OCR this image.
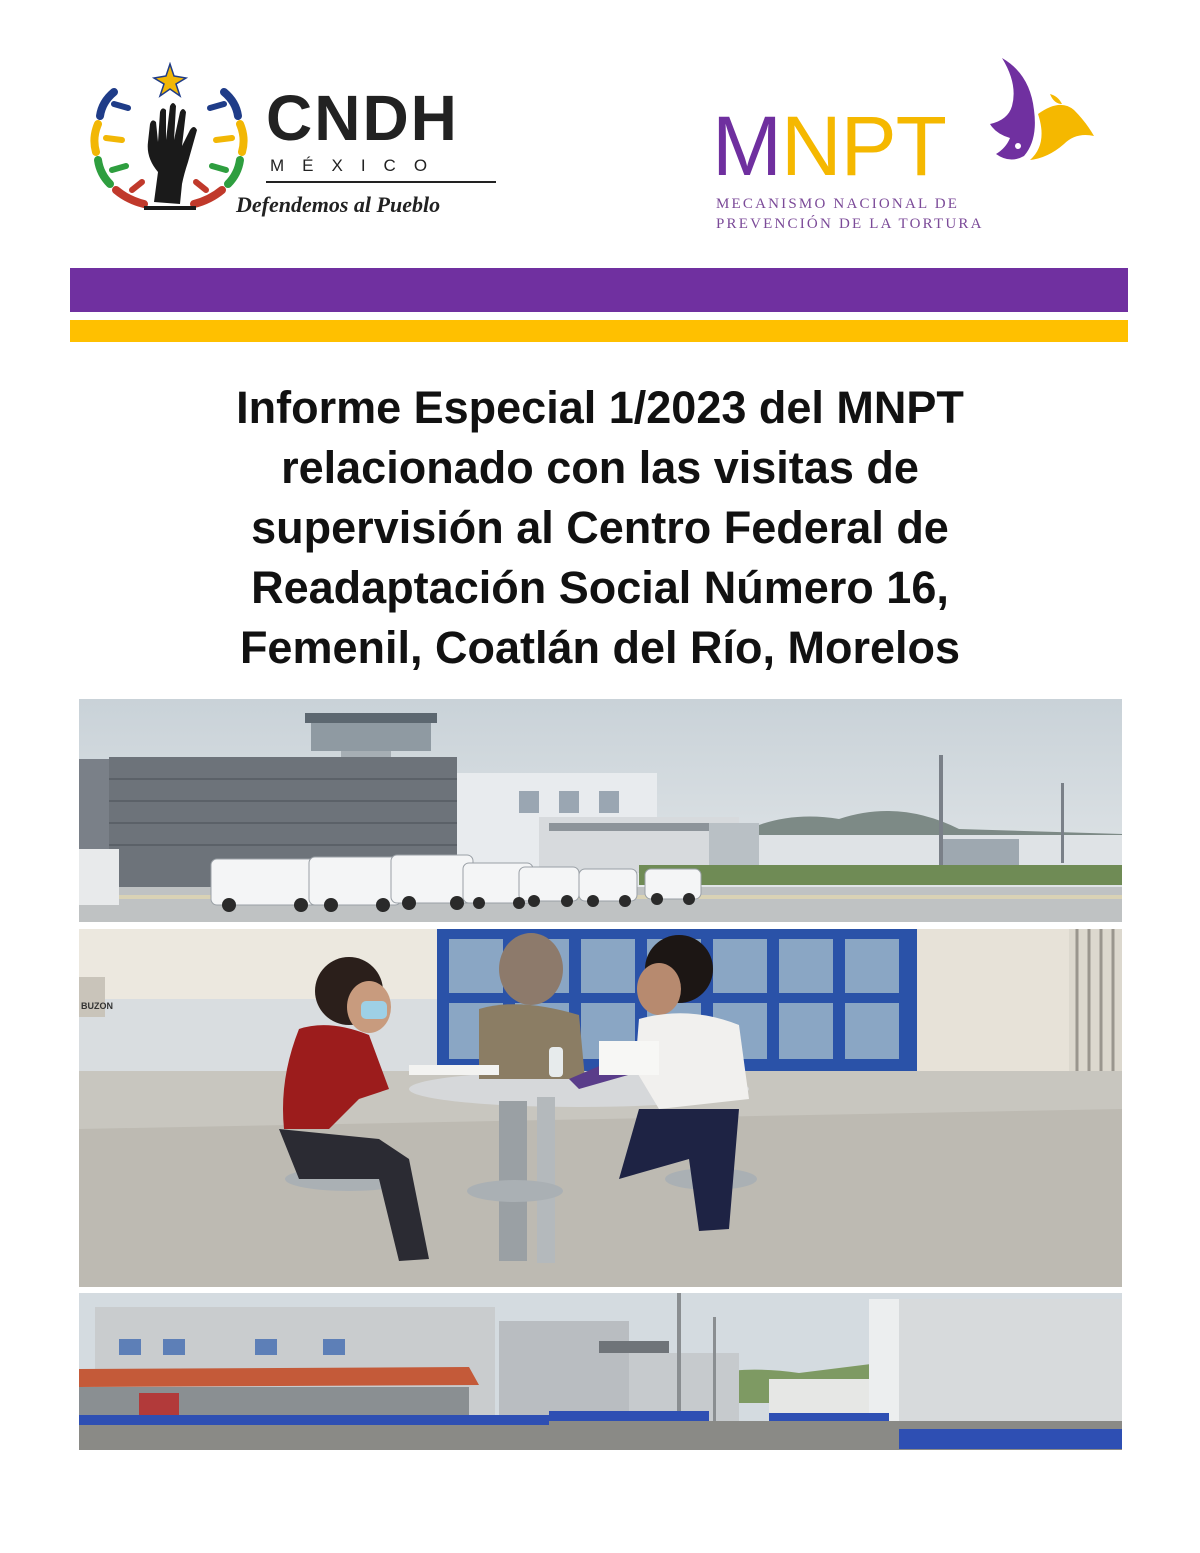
CNDH
MÉXICO
Defendemos al Pueblo
MNPT
MECANISMO NACIONAL DE
PREVENCIÓN DE LA TORTURA
Informe Especial 1/2023 del MNPT
relacionado con las visitas de
supervisión al Centro Federal de
Readaptación Social Número 16,
Femenil, Coatlán del Río, Morelos
BUZON
